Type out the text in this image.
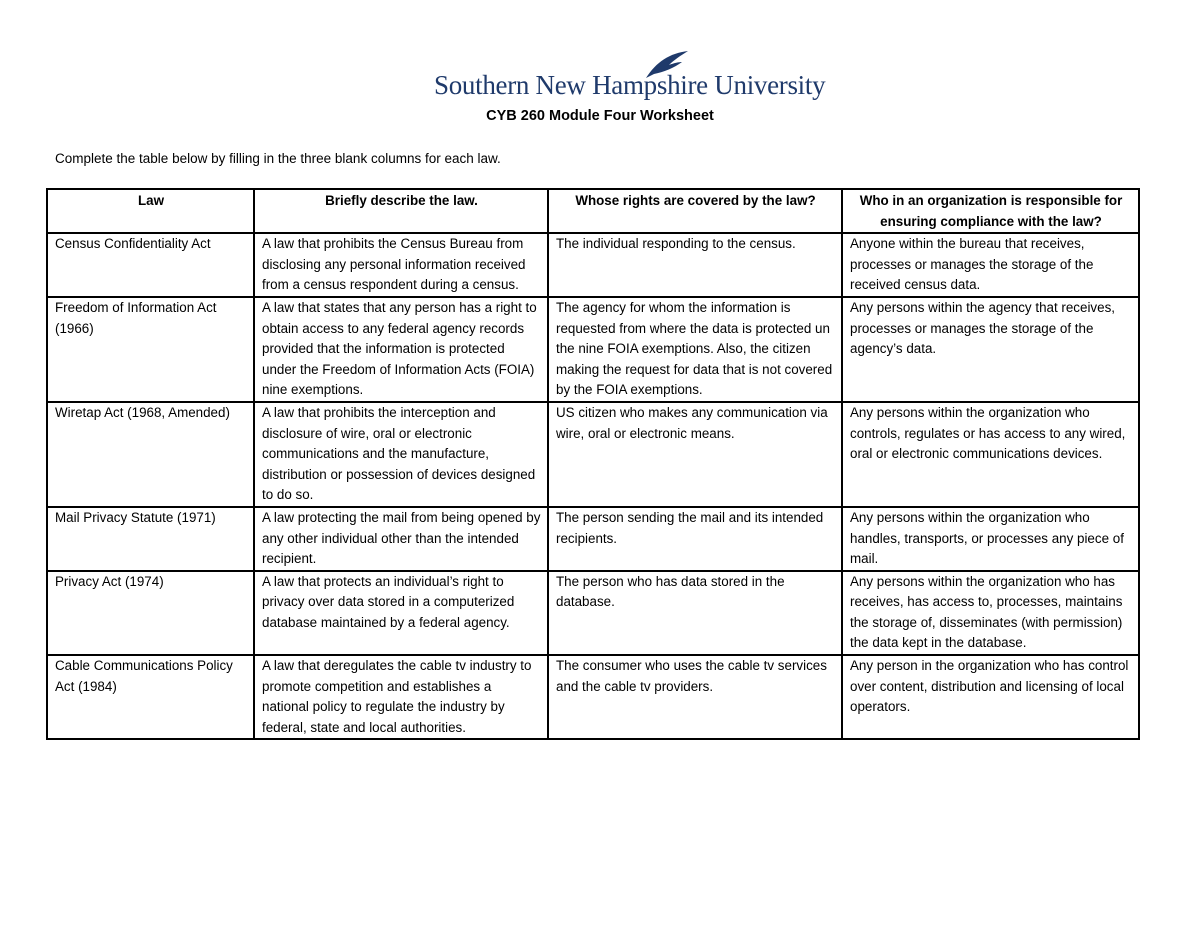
Southern New Hampshire University
CYB 260 Module Four Worksheet
Complete the table below by filling in the three blank columns for each law.
Law	Briefly describe the law.	Whose rights are covered by the law?	Who in an organization is responsible for ensuring compliance with the law?
Census Confidentiality Act	A law that prohibits the Census Bureau from disclosing any personal information received from a census respondent during a census.	The individual responding to the census.	Anyone within the bureau that receives, processes or manages the storage of the received census data.
Freedom of Information Act (1966)	A law that states that any person has a right to obtain access to any federal agency records provided that the information is protected under the Freedom of Information Acts (FOIA) nine exemptions.	The agency for whom the information is requested from where the data is protected un the nine FOIA exemptions. Also, the citizen making the request for data that is not covered by the FOIA exemptions.	Any persons within the agency that receives, processes or manages the storage of the agency’s data.
Wiretap Act (1968, Amended)	A law that prohibits the interception and disclosure of wire, oral or electronic communications and the manufacture, distribution or possession of devices designed to do so.	US citizen who makes any communication via wire, oral or electronic means.	Any persons within the organization who controls, regulates or has access to any wired, oral or electronic communications devices.
Mail Privacy Statute (1971)	A law protecting the mail from being opened by any other individual other than the intended recipient.	The person sending the mail and its intended recipients.	Any persons within the organization who handles, transports, or processes any piece of mail.
Privacy Act (1974)	A law that protects an individual’s right to privacy over data stored in a computerized database maintained by a federal agency.	The person who has data stored in the database.	Any persons within the organization who has receives, has access to, processes, maintains the storage of, disseminates (with permission) the data kept in the database.
Cable Communications Policy Act (1984)	A law that deregulates the cable tv industry to promote competition and establishes a national policy to regulate the industry by federal, state and local authorities.	The consumer who uses the cable tv services and the cable tv providers.	Any person in the organization who has control over content, distribution and licensing of local operators.
